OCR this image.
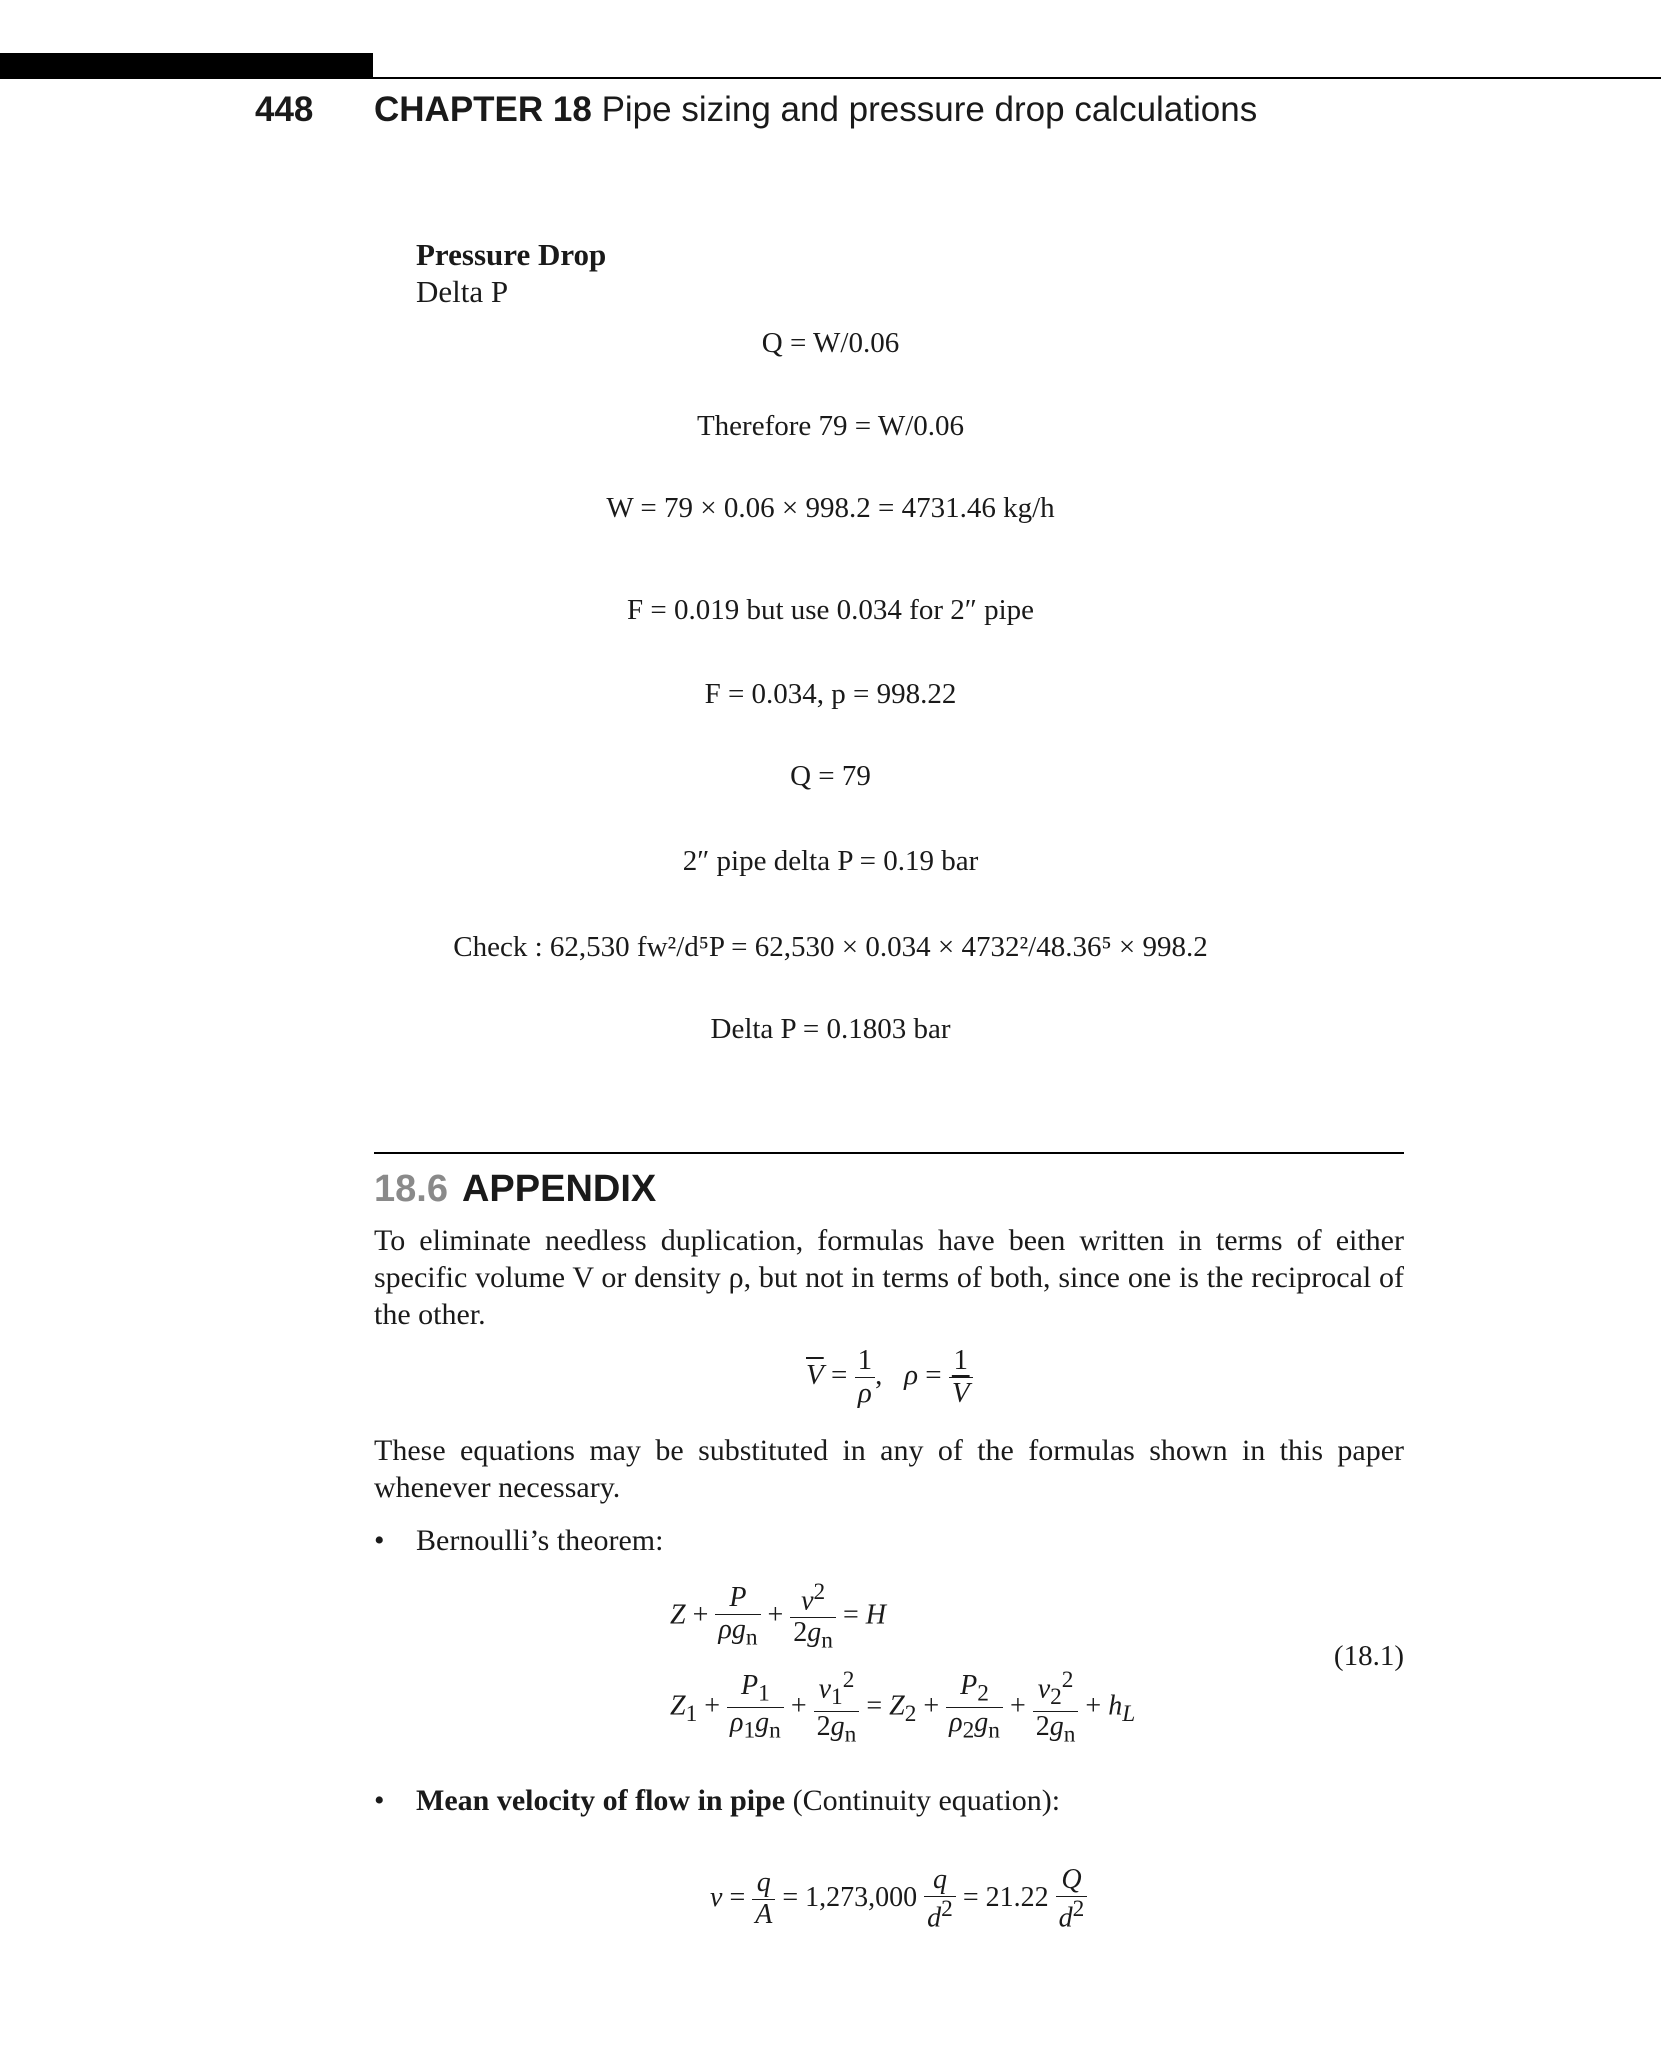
448 CHAPTER 18 Pipe sizing and pressure drop calculations
Pressure Drop
Delta P
Q = W/0.06
Therefore 79 = W/0.06
W = 79 × 0.06 × 998.2 = 4731.46 kg/h
F = 0.019 but use 0.034 for 2″ pipe
F = 0.034, p = 998.22
Q = 79
2″ pipe delta P = 0.19 bar
Check : 62,530 fw²/d⁵P = 62,530 × 0.034 × 4732²/48.36⁵ × 998.2
Delta P = 0.1803 bar
18.6 APPENDIX
To eliminate needless duplication, formulas have been written in terms of either specific volume V or density ρ, but not in terms of both, since one is the reciprocal of the other.
$\overline{V} = \frac{1}{\rho}$ ,   $\rho = \frac{1}{V}$
These equations may be substituted in any of the formulas shown in this paper whenever necessary.
• Bernoulli’s theorem:
$Z + \frac{P}{\rho g_n} + \frac{v^2}{2g_n} = H$
$Z_1 + \frac{P_1}{\rho_1g_n} + \frac{v_1^2}{2g_n} = Z_2 + \frac{P_2}{\rho_2g_n} + \frac{v_2^2}{2g_n} + h_L$
(18.1)
• Mean velocity of flow in pipe (Continuity equation):
$v = \frac{q}{A} = 1,273,000 \frac{q}{d^2} = 21.22 \frac{Q}{d^2}$
